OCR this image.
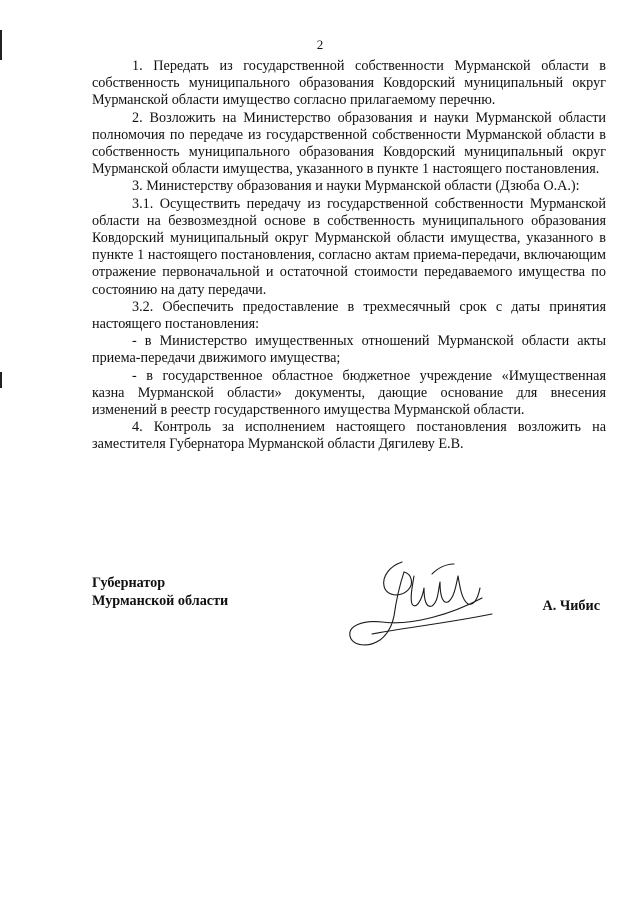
2

1. Передать из государственной собственности Мурманской области в собственность муниципального образования Ковдорский муниципальный округ Мурманской области имущество согласно прилагаемому перечню.

2. Возложить на Министерство образования и науки Мурманской области полномочия по передаче из государственной собственности Мурманской области в собственность муниципального образования Ковдорский муниципальный округ Мурманской области имущества, указанного в пункте 1 настоящего постановления.

3. Министерству образования и науки Мурманской области (Дзюба О.А.):

3.1. Осуществить передачу из государственной собственности Мурманской области на безвозмездной основе в собственность муниципального образования Ковдорский муниципальный округ Мурманской области имущества, указанного в пункте 1 настоящего постановления, согласно актам приема-передачи, включающим отражение первоначальной и остаточной стоимости передаваемого имущества по состоянию на дату передачи.

3.2. Обеспечить предоставление в трехмесячный срок с даты принятия настоящего постановления:

- в Министерство имущественных отношений Мурманской области акты приема-передачи движимого имущества;

- в государственное областное бюджетное учреждение «Имущественная казна Мурманской области» документы, дающие основание для внесения изменений в реестр государственного имущества Мурманской области.

4. Контроль за исполнением настоящего постановления возложить на заместителя Губернатора Мурманской области Дягилеву Е.В.

Губернатор
Мурманской области	А. Чибис
